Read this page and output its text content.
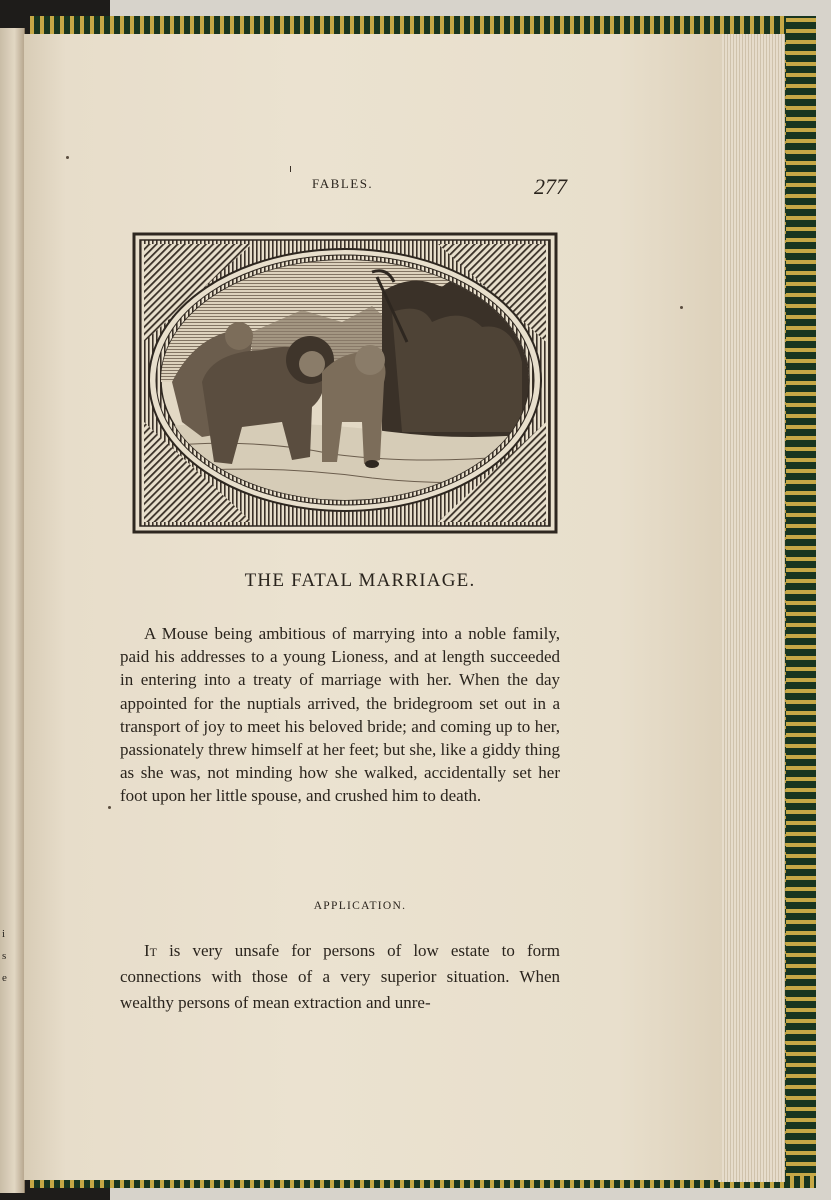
i
s
e
FABLES.	277
THE FATAL MARRIAGE.

A Mouse being ambitious of marrying into a noble family, paid his addresses to a young Lioness, and at length succeeded in entering into a treaty of marriage with her. When the day appointed for the nuptials arrived, the bridegroom set out in a transport of joy to meet his beloved bride; and coming up to her, passionately threw himself at her feet; but she, like a giddy thing as she was, not minding how she walked, accidentally set her foot upon her little spouse, and crushed him to death.

APPLICATION.

It is very unsafe for persons of low estate to form connections with those of a very superior situation. When wealthy persons of mean extraction and unre-
